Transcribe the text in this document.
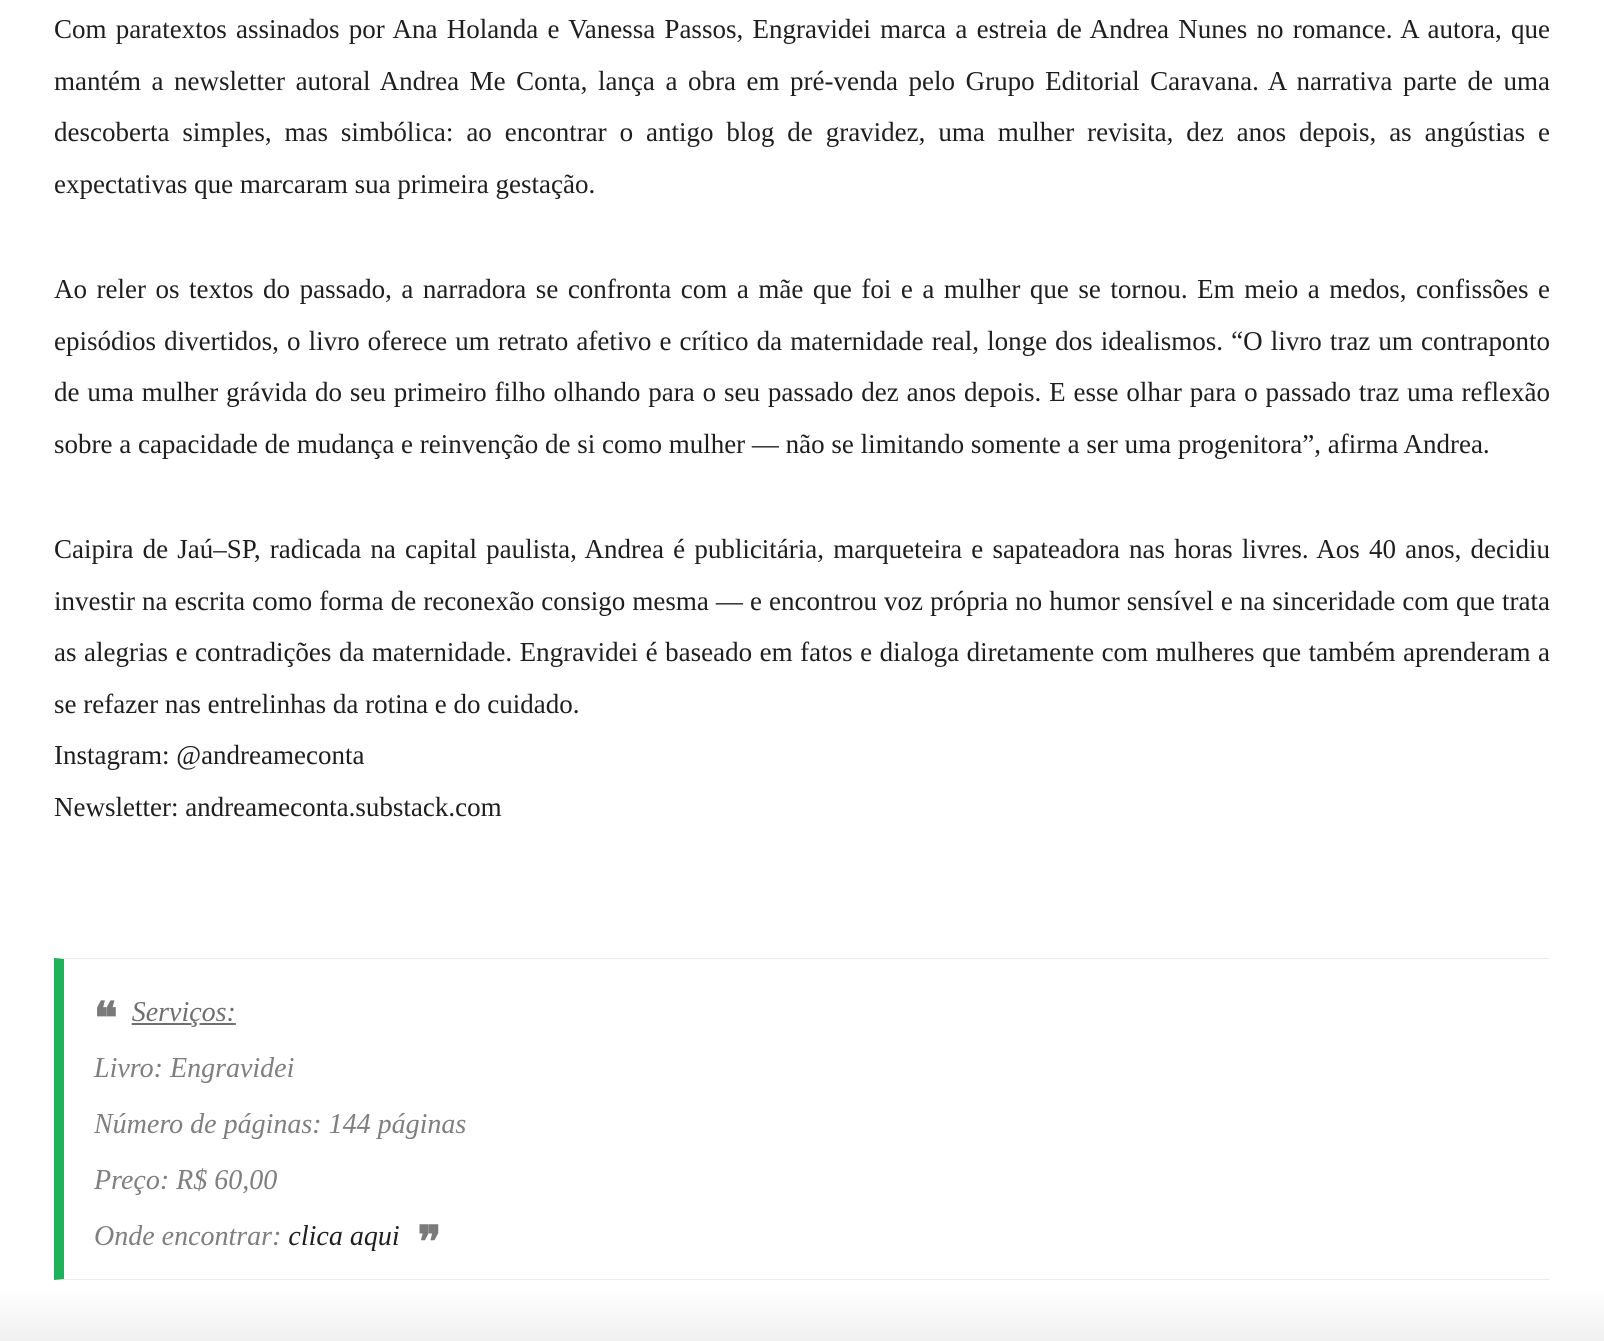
Com paratextos assinados por Ana Holanda e Vanessa Passos, Engravidei marca a estreia de Andrea Nunes no romance. A autora, que mantém a newsletter autoral Andrea Me Conta, lança a obra em pré-venda pelo Grupo Editorial Caravana. A narrativa parte de uma descoberta simples, mas simbólica: ao encontrar o antigo blog de gravidez, uma mulher revisita, dez anos depois, as angústias e expectativas que marcaram sua primeira gestação.

Ao reler os textos do passado, a narradora se confronta com a mãe que foi e a mulher que se tornou. Em meio a medos, confissões e episódios divertidos, o livro oferece um retrato afetivo e crítico da maternidade real, longe dos idealismos. “O livro traz um contraponto de uma mulher grávida do seu primeiro filho olhando para o seu passado dez anos depois. E esse olhar para o passado traz uma reflexão sobre a capacidade de mudança e reinvenção de si como mulher — não se limitando somente a ser uma progenitora”, afirma Andrea.

Caipira de Jaú–SP, radicada na capital paulista, Andrea é publicitária, marqueteira e sapateadora nas horas livres. Aos 40 anos, decidiu investir na escrita como forma de reconexão consigo mesma — e encontrou voz própria no humor sensível e na sinceridade com que trata as alegrias e contradições da maternidade. Engravidei é baseado em fatos e dialoga diretamente com mulheres que também aprenderam a se refazer nas entrelinhas da rotina e do cuidado.

Instagram: @andreameconta

Newsletter: andreameconta.substack.com

❝ Serviços:
Livro: Engravidei
Número de páginas: 144 páginas
Preço: R$ 60,00
Onde encontrar: clica aqui ❞
